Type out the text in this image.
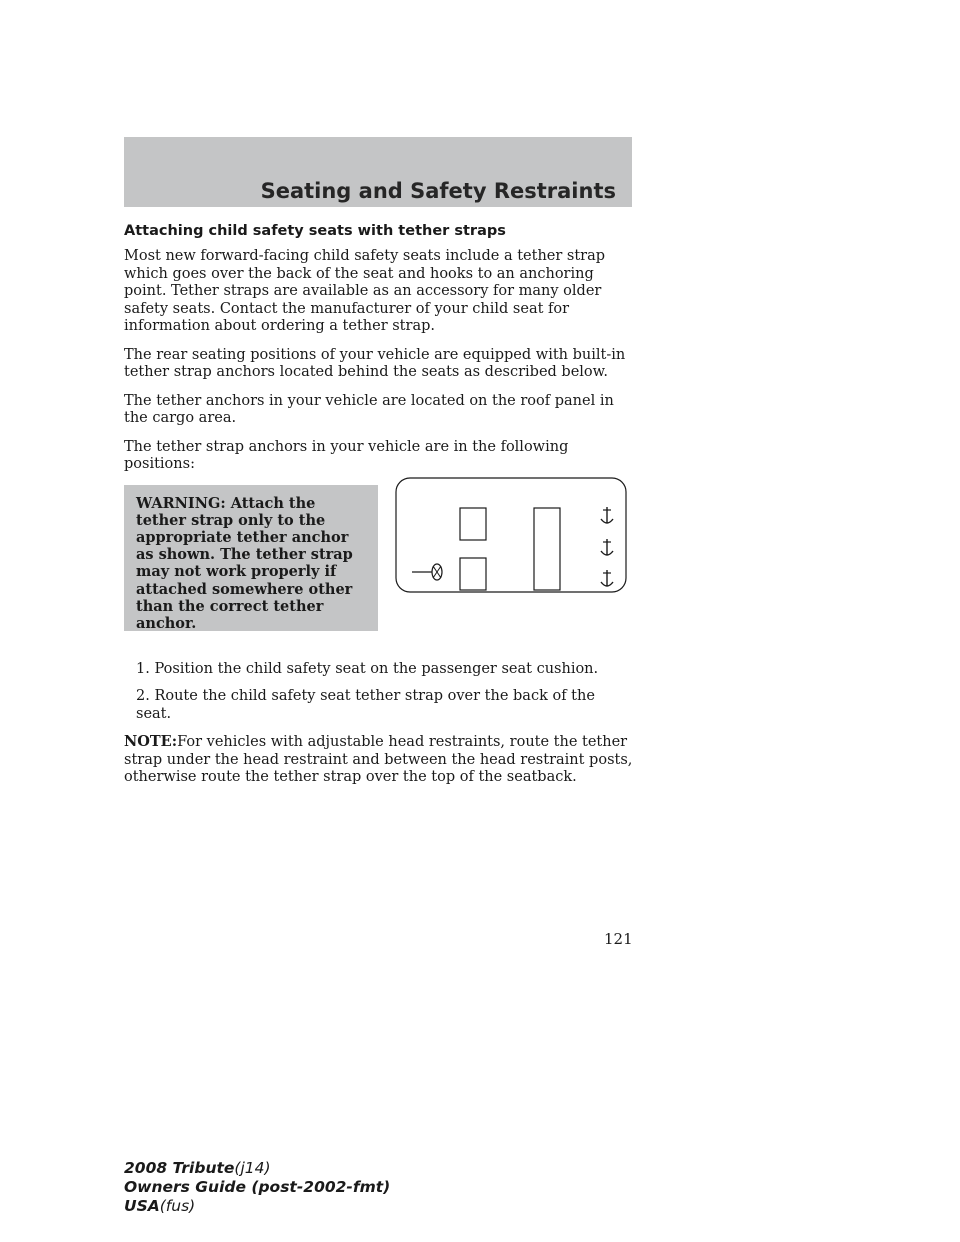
Seating and Safety Restraints
Attaching child safety seats with tether straps

Most new forward-facing child safety seats include a tether strap which goes over the back of the seat and hooks to an anchoring point. Tether straps are available as an accessory for many older safety seats. Contact the manufacturer of your child seat for information about ordering a tether strap.

The rear seating positions of your vehicle are equipped with built-in tether strap anchors located behind the seats as described below.

The tether anchors in your vehicle are located on the roof panel in the cargo area.

The tether strap anchors in your vehicle are in the following positions:

WARNING: Attach the tether strap only to the appropriate tether anchor as shown. The tether strap may not work properly if attached somewhere other than the correct tether anchor.

1. Position the child safety seat on the passenger seat cushion.

2. Route the child safety seat tether strap over the back of the seat.

NOTE:For vehicles with adjustable head restraints, route the tether strap under the head restraint and between the head restraint posts, otherwise route the tether strap over the top of the seatback.

121

2008 Tribute(j14)
Owners Guide (post-2002-fmt)
USA(fus)
